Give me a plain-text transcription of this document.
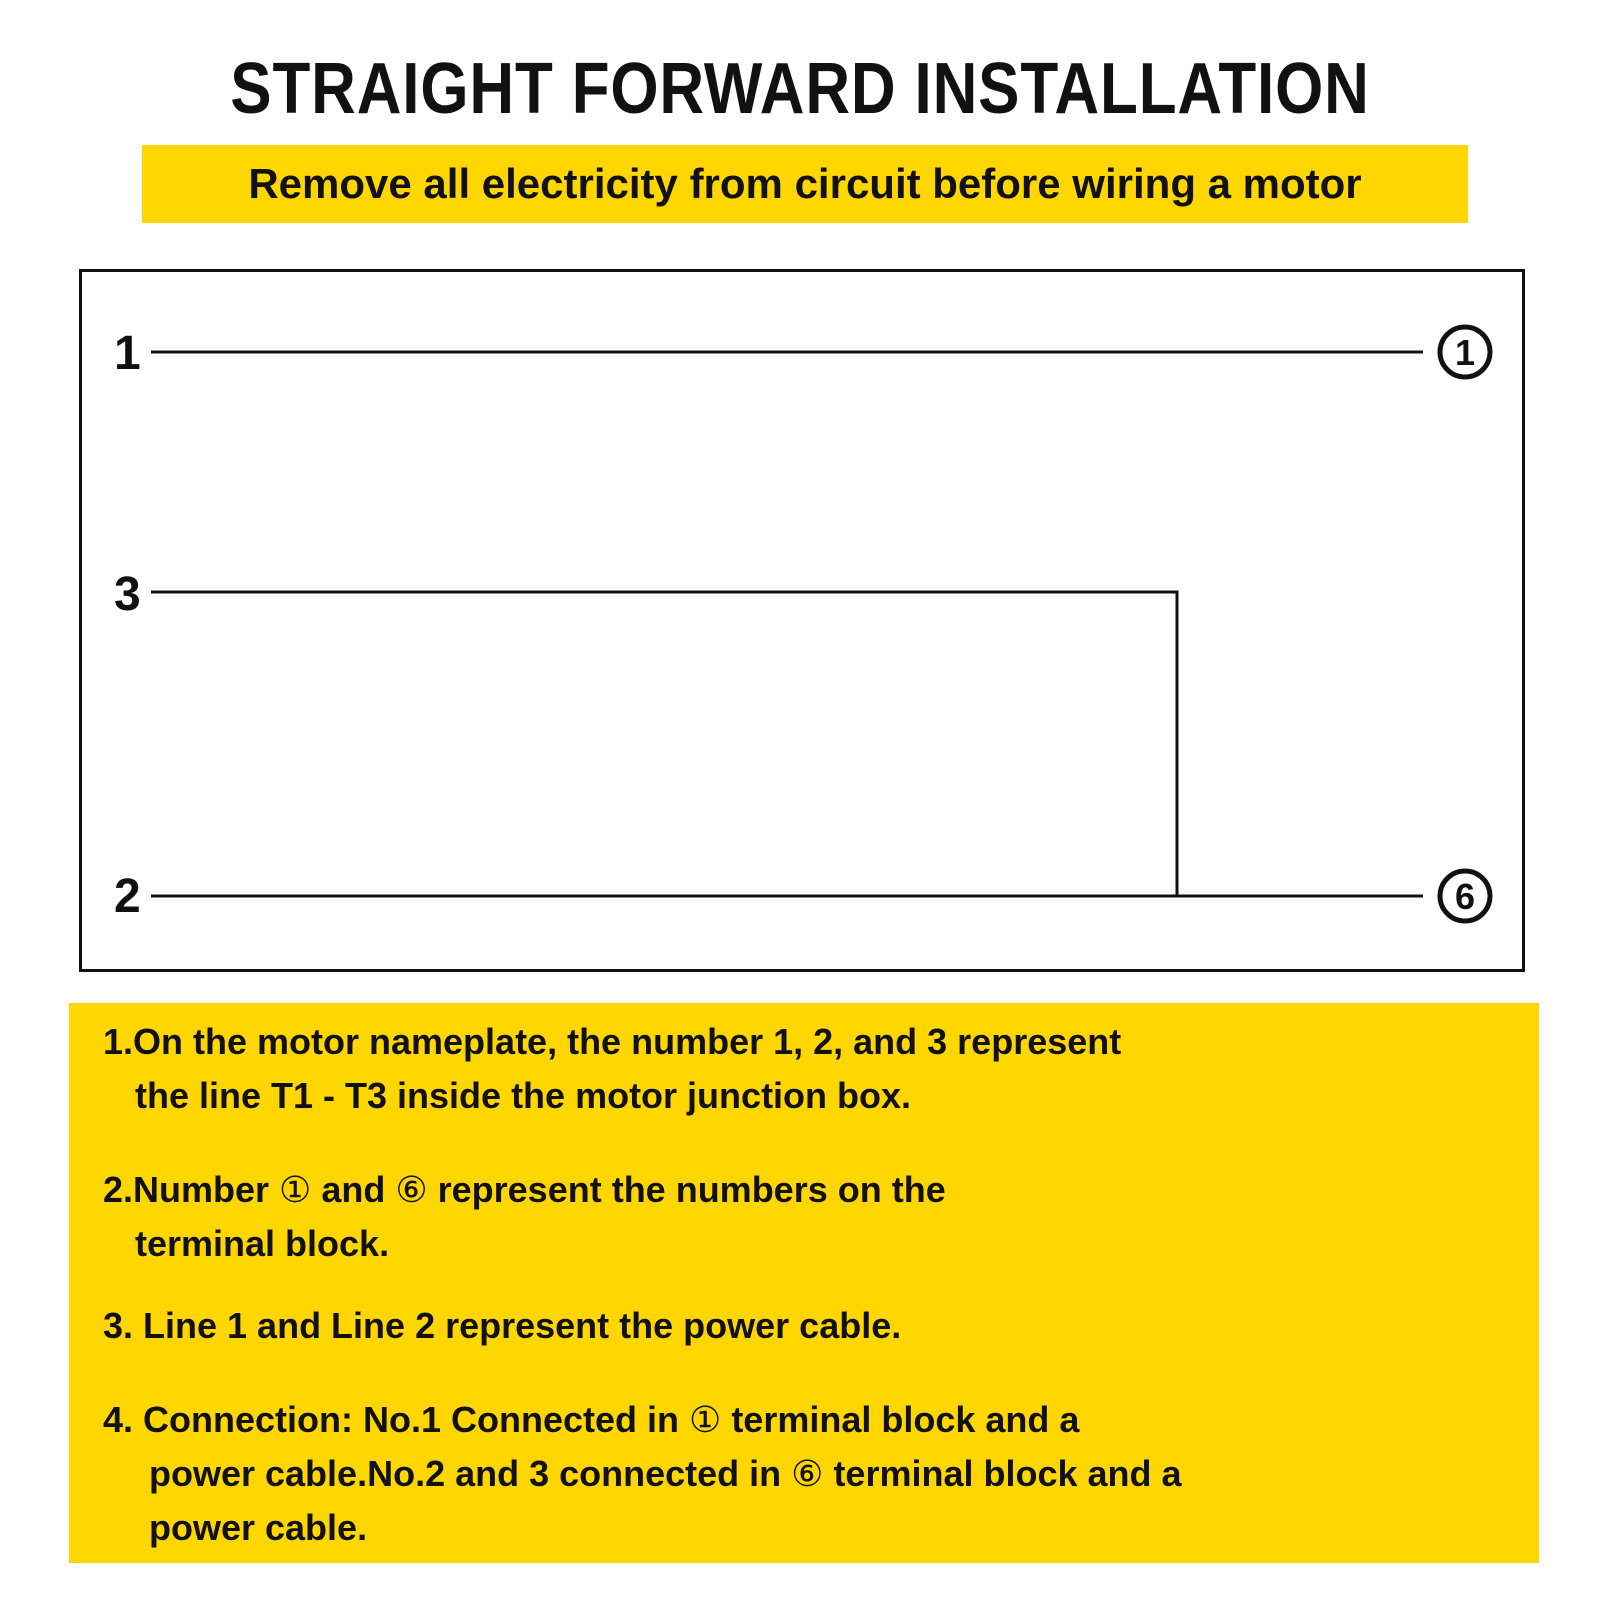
STRAIGHT FORWARD INSTALLATION
Remove all electricity from circuit before wiring a motor
1
3
2
1
6
1.On the motor nameplate, the number 1, 2, and 3 represent
the line T1 - T3 inside the motor junction box.
2.Number ① and ⑥ represent the numbers on the
terminal block.
3. Line 1 and Line 2 represent the power cable.
4. Connection: No.1 Connected in ① terminal block and a
power cable.No.2 and 3 connected in ⑥ terminal block and a
power cable.
